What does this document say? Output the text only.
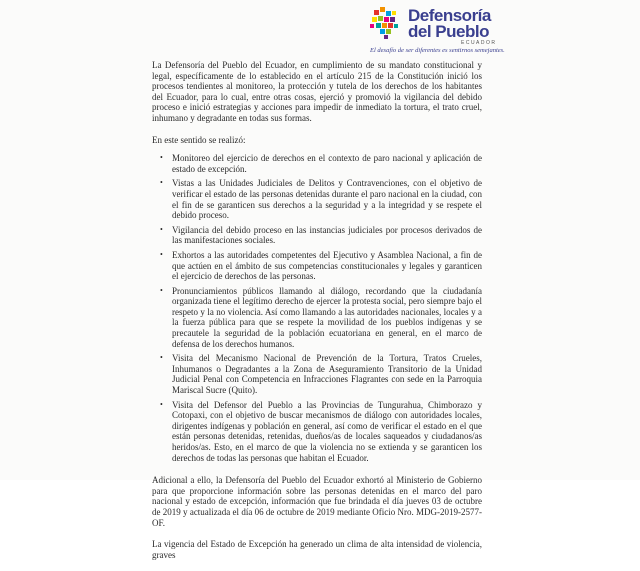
Defensoría
del Pueblo
ECUADOR
El desafío de ser diferentes es sentirnos semejantes.

La Defensoría del Pueblo del Ecuador, en cumplimiento de su mandato constitucional y legal, específicamente de lo establecido en el artículo 215 de la Constitución inició los procesos tendientes al monitoreo, la protección y tutela de los derechos de los habitantes del Ecuador, para lo cual, entre otras cosas, ejerció y promovió la vigilancia del debido proceso e inició estrategias y acciones para impedir de inmediato la tortura, el trato cruel, inhumano y degradante en todas sus formas.

En este sentido se realizó:

• Monitoreo del ejercicio de derechos en el contexto de paro nacional y aplicación de estado de excepción.
• Vistas a las Unidades Judiciales de Delitos y Contravenciones, con el objetivo de verificar el estado de las personas detenidas durante el paro nacional en la ciudad, con el fin de se garanticen sus derechos a la seguridad y a la integridad y se respete el debido proceso.
• Vigilancia del debido proceso en las instancias judiciales por procesos derivados de las manifestaciones sociales.
• Exhortos a las autoridades competentes del Ejecutivo y Asamblea Nacional, a fin de que actúen en el ámbito de sus competencias constitucionales y legales y garanticen el ejercicio de derechos de las personas.
• Pronunciamientos públicos llamando al diálogo, recordando que la ciudadanía organizada tiene el legítimo derecho de ejercer la protesta social, pero siempre bajo el respeto y la no violencia. Así como llamando a las autoridades nacionales, locales y a la fuerza pública para que se respete la movilidad de los pueblos indígenas y se precautele la seguridad de la población ecuatoriana en general, en el marco de defensa de los derechos humanos.
• Visita del Mecanismo Nacional de Prevención de la Tortura, Tratos Crueles, Inhumanos o Degradantes a la Zona de Aseguramiento Transitorio de la Unidad Judicial Penal con Competencia en Infracciones Flagrantes con sede en la Parroquia Mariscal Sucre (Quito).
• Visita del Defensor del Pueblo a las Provincias de Tungurahua, Chimborazo y Cotopaxi, con el objetivo de buscar mecanismos de diálogo con autoridades locales, dirigentes indígenas y población en general, así como de verificar el estado en el que están personas detenidas, retenidas, dueños/as de locales saqueados y ciudadanos/as heridos/as. Esto, en el marco de que la violencia no se extienda y se garanticen los derechos de todas las personas que habitan el Ecuador.

Adicional a ello, la Defensoría del Pueblo del Ecuador exhortó al Ministerio de Gobierno para que proporcione información sobre las personas detenidas en el marco del paro nacional y estado de excepción, información que fue brindada el día jueves 03 de octubre de 2019 y actualizada el día 06 de octubre de 2019 mediante Oficio Nro. MDG-2019-2577-OF.

La vigencia del Estado de Excepción ha generado un clima de alta intensidad de violencia, graves
